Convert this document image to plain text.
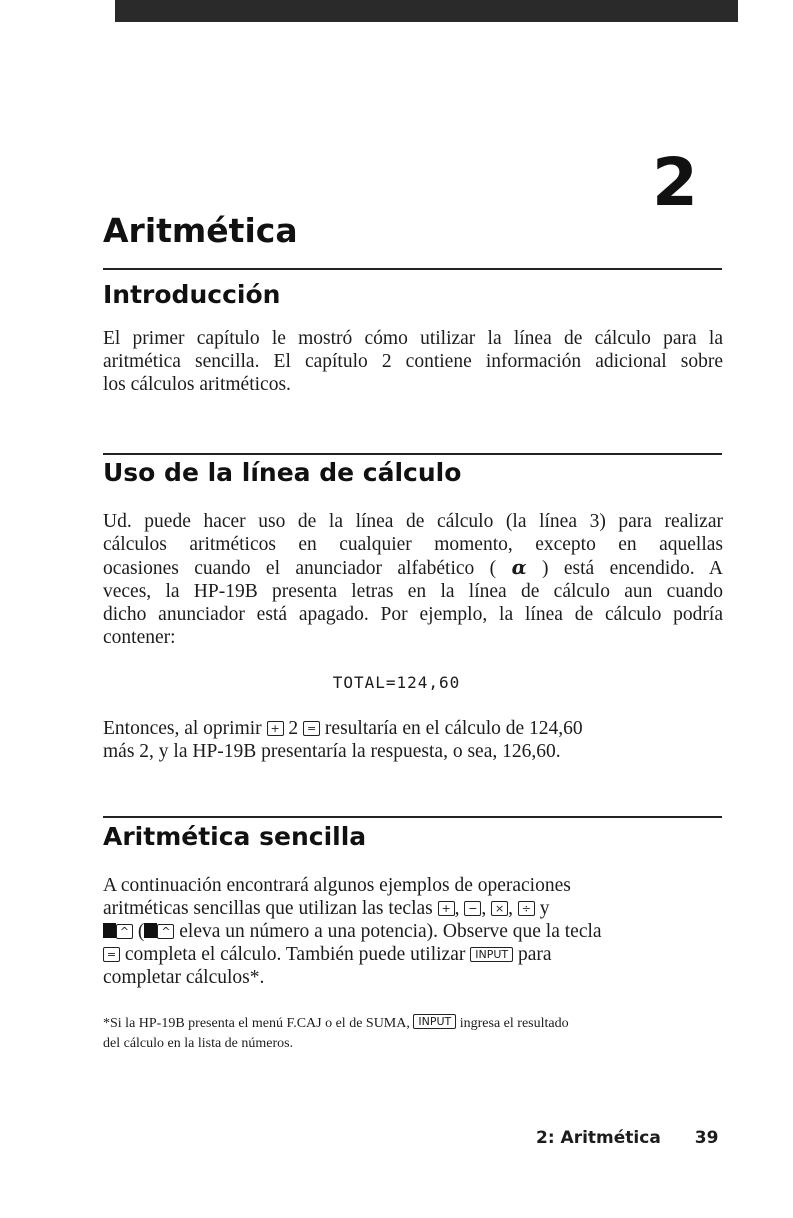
2
Aritmética
Introducción
El primer capítulo le mostró cómo utilizar la línea de cálculo para la
aritmética sencilla. El capítulo 2 contiene información adicional sobre
los cálculos aritméticos.
Uso de la línea de cálculo
Ud. puede hacer uso de la línea de cálculo (la línea 3) para realizar
cálculos aritméticos en cualquier momento, excepto en aquellas
ocasiones cuando el anunciador alfabético ( α ) está encendido. A
veces, la HP-19B presenta letras en la línea de cálculo aun cuando
dicho anunciador está apagado. Por ejemplo, la línea de cálculo podría
contener:
TOTAL=124,60
Entonces, al oprimir + 2 = resultaría en el cálculo de 124,60
más 2, y la HP-19B presentaría la respuesta, o sea, 126,60.
Aritmética sencilla
A continuación encontrará algunos ejemplos de operaciones
aritméticas sencillas que utilizan las teclas + , − , × , ÷ y
^ ( ^ eleva un número a una potencia). Observe que la tecla
= completa el cálculo. También puede utilizar INPUT para
completar cálculos*.
*Si la HP-19B presenta el menú F.CAJ o el de SUMA, INPUT ingresa el resultado
del cálculo en la lista de números.
2: Aritmética 39
